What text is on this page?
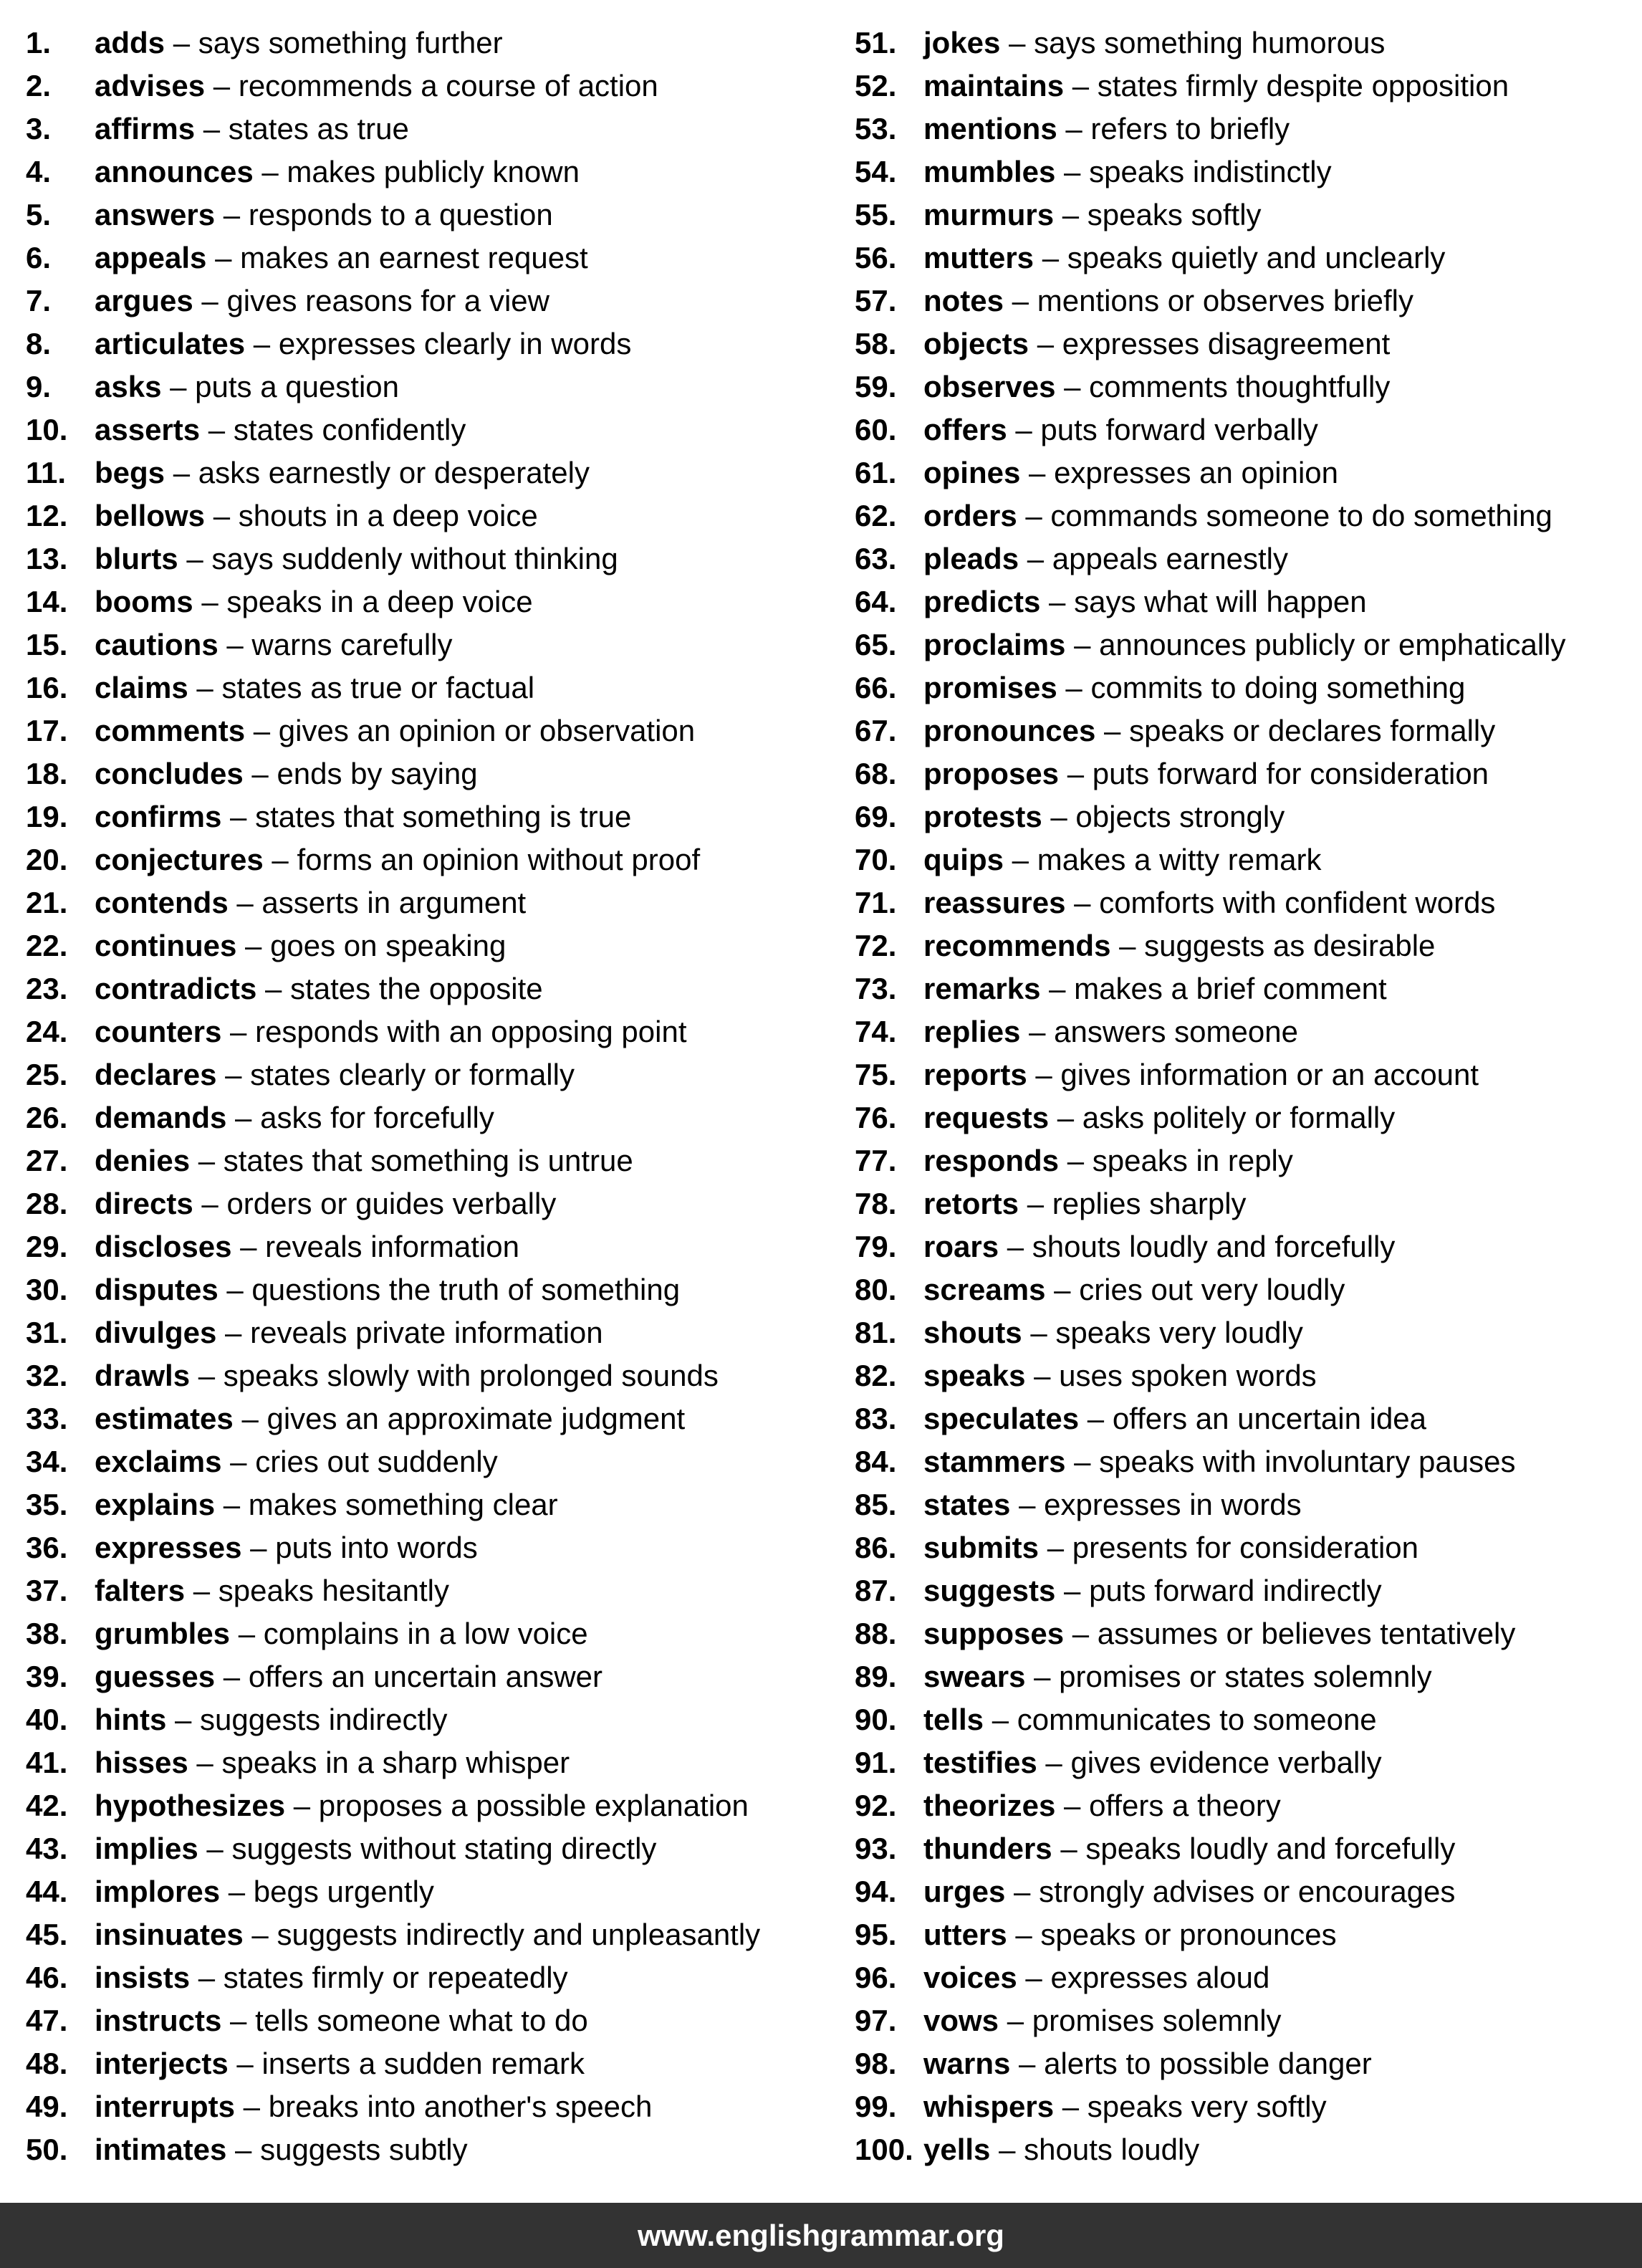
1. adds – says something further
2. advises – recommends a course of action
3. affirms – states as true
4. announces – makes publicly known
5. answers – responds to a question
6. appeals – makes an earnest request
7. argues – gives reasons for a view
8. articulates – expresses clearly in words
9. asks – puts a question
10. asserts – states confidently
11. begs – asks earnestly or desperately
12. bellows – shouts in a deep voice
13. blurts – says suddenly without thinking
14. booms – speaks in a deep voice
15. cautions – warns carefully
16. claims – states as true or factual
17. comments – gives an opinion or observation
18. concludes – ends by saying
19. confirms – states that something is true
20. conjectures – forms an opinion without proof
21. contends – asserts in argument
22. continues – goes on speaking
23. contradicts – states the opposite
24. counters – responds with an opposing point
25. declares – states clearly or formally
26. demands – asks for forcefully
27. denies – states that something is untrue
28. directs – orders or guides verbally
29. discloses – reveals information
30. disputes – questions the truth of something
31. divulges – reveals private information
32. drawls – speaks slowly with prolonged sounds
33. estimates – gives an approximate judgment
34. exclaims – cries out suddenly
35. explains – makes something clear
36. expresses – puts into words
37. falters – speaks hesitantly
38. grumbles – complains in a low voice
39. guesses – offers an uncertain answer
40. hints – suggests indirectly
41. hisses – speaks in a sharp whisper
42. hypothesizes – proposes a possible explanation
43. implies – suggests without stating directly
44. implores – begs urgently
45. insinuates – suggests indirectly and unpleasantly
46. insists – states firmly or repeatedly
47. instructs – tells someone what to do
48. interjects – inserts a sudden remark
49. interrupts – breaks into another's speech
50. intimates – suggests subtly
51. jokes – says something humorous
52. maintains – states firmly despite opposition
53. mentions – refers to briefly
54. mumbles – speaks indistinctly
55. murmurs – speaks softly
56. mutters – speaks quietly and unclearly
57. notes – mentions or observes briefly
58. objects – expresses disagreement
59. observes – comments thoughtfully
60. offers – puts forward verbally
61. opines – expresses an opinion
62. orders – commands someone to do something
63. pleads – appeals earnestly
64. predicts – says what will happen
65. proclaims – announces publicly or emphatically
66. promises – commits to doing something
67. pronounces – speaks or declares formally
68. proposes – puts forward for consideration
69. protests – objects strongly
70. quips – makes a witty remark
71. reassures – comforts with confident words
72. recommends – suggests as desirable
73. remarks – makes a brief comment
74. replies – answers someone
75. reports – gives information or an account
76. requests – asks politely or formally
77. responds – speaks in reply
78. retorts – replies sharply
79. roars – shouts loudly and forcefully
80. screams – cries out very loudly
81. shouts – speaks very loudly
82. speaks – uses spoken words
83. speculates – offers an uncertain idea
84. stammers – speaks with involuntary pauses
85. states – expresses in words
86. submits – presents for consideration
87. suggests – puts forward indirectly
88. supposes – assumes or believes tentatively
89. swears – promises or states solemnly
90. tells – communicates to someone
91. testifies – gives evidence verbally
92. theorizes – offers a theory
93. thunders – speaks loudly and forcefully
94. urges – strongly advises or encourages
95. utters – speaks or pronounces
96. voices – expresses aloud
97. vows – promises solemnly
98. warns – alerts to possible danger
99. whispers – speaks very softly
100. yells – shouts loudly
www.englishgrammar.org
